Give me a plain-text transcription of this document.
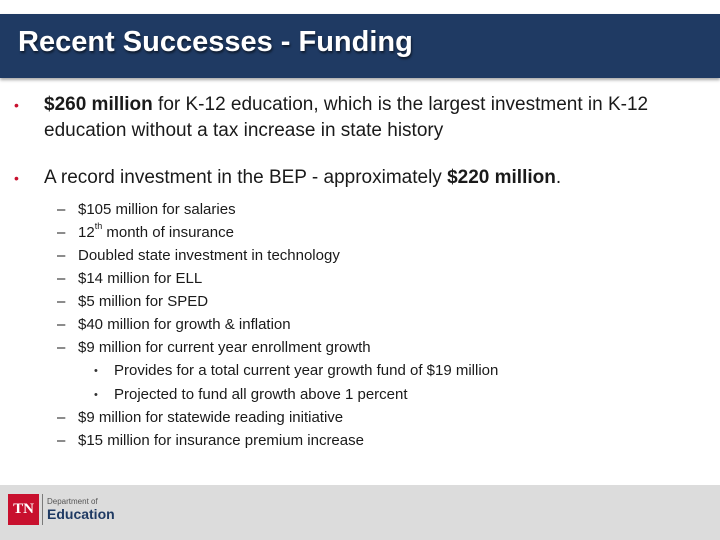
Recent Successes - Funding
• $260 million for K-12 education, which is the largest investment in K-12 education without a tax increase in state history
• A record investment in the BEP - approximately $220 million.
– $105 million for salaries
– 12th month of insurance
– Doubled state investment in technology
– $14 million for ELL
– $5 million for SPED
– $40 million for growth & inflation
– $9 million for current year enrollment growth
• Provides for a total current year growth fund of $19 million
• Projected to fund all growth above 1 percent
– $9 million for statewide reading initiative
– $15 million for insurance premium increase
TN	Department of
Education
